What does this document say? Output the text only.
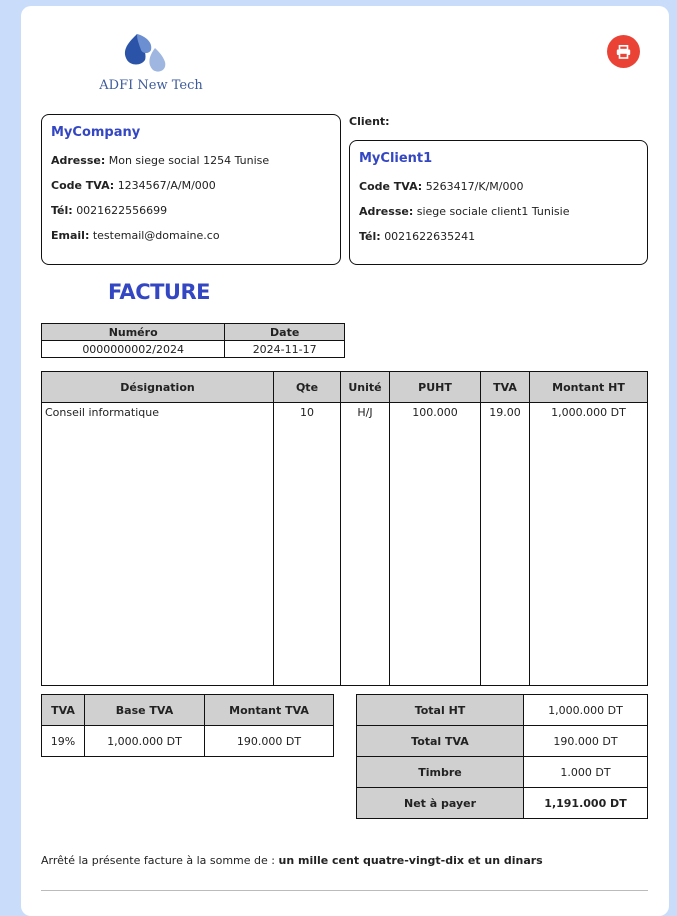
ADFI New Tech
MyCompany
Adresse: Mon siege social 1254 Tunise
Code TVA: 1234567/A/M/000
Tél: 0021622556699
Email: testemail@domaine.co
Client:
MyClient1
Code TVA: 5263417/K/M/000
Adresse: siege sociale client1 Tunisie
Tél: 0021622635241
FACTURE
Numéro	Date
0000000002/2024	2024-11-17
Désignation	Qte	Unité	PUHT	TVA	Montant HT
Conseil informatique	10	H/J	100.000	19.00	1,000.000 DT
TVA	Base TVA	Montant TVA
19%	1,000.000 DT	190.000 DT
Total HT	1,000.000 DT
Total TVA	190.000 DT
Timbre	1.000 DT
Net à payer	1,191.000 DT
Arrêté la présente facture à la somme de : un mille cent quatre-vingt-dix et un dinars
